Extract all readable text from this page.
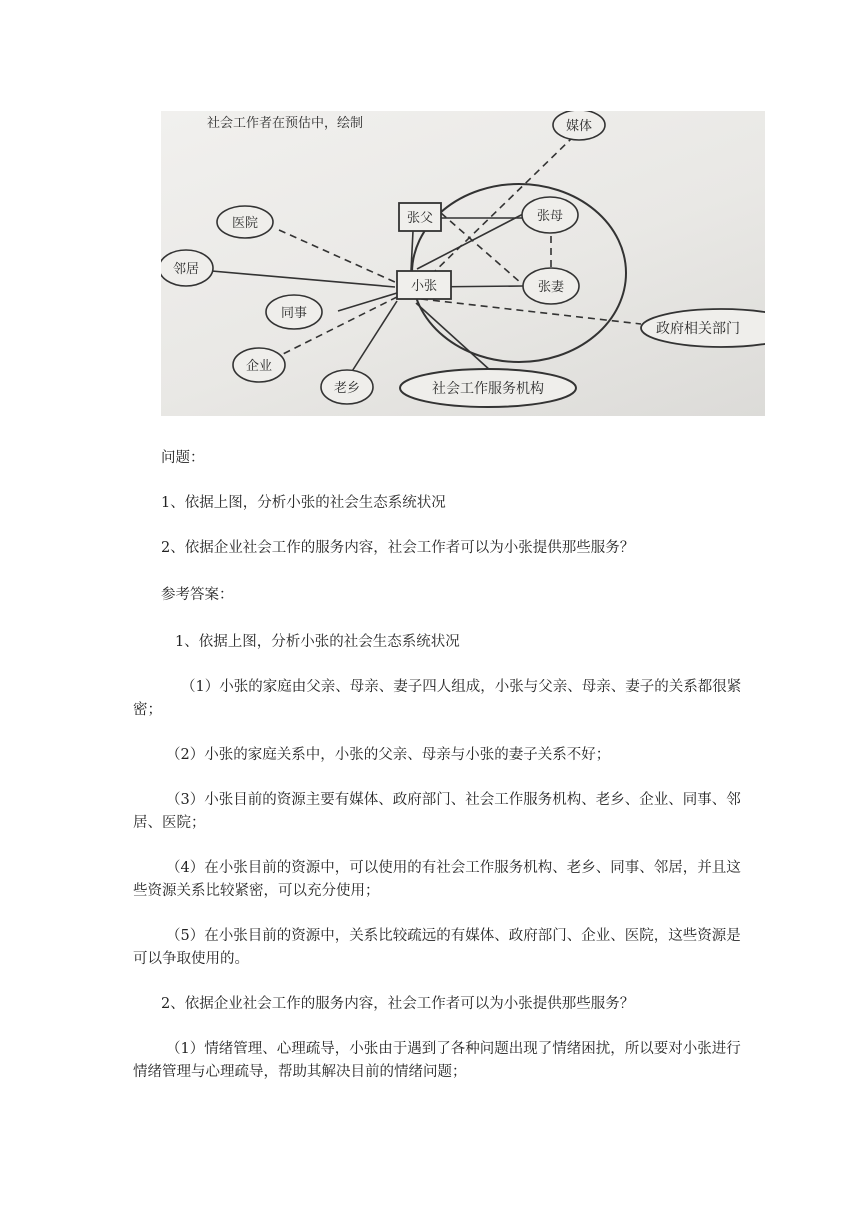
社会工作者在预估中，绘制
张父
小张
张母
张妻
媒体
医院
邻居
同事
企业
老乡	社会工作服务机构
政府相关部门

问题：

1、依据上图，分析小张的社会生态系统状况

2、依据企业社会工作的服务内容，社会工作者可以为小张提供那些服务？

参考答案：

1、依据上图，分析小张的社会生态系统状况

（1）小张的家庭由父亲、母亲、妻子四人组成，小张与父亲、母亲、妻子的关系都很紧密；

（2）小张的家庭关系中，小张的父亲、母亲与小张的妻子关系不好；

（3）小张目前的资源主要有媒体、政府部门、社会工作服务机构、老乡、企业、同事、邻居、医院；

（4）在小张目前的资源中，可以使用的有社会工作服务机构、老乡、同事、邻居，并且这些资源关系比较紧密，可以充分使用；

（5）在小张目前的资源中，关系比较疏远的有媒体、政府部门、企业、医院，这些资源是可以争取使用的。

2、依据企业社会工作的服务内容，社会工作者可以为小张提供那些服务？

（1）情绪管理、心理疏导，小张由于遇到了各种问题出现了情绪困扰，所以要对小张进行情绪管理与心理疏导，帮助其解决目前的情绪问题；
